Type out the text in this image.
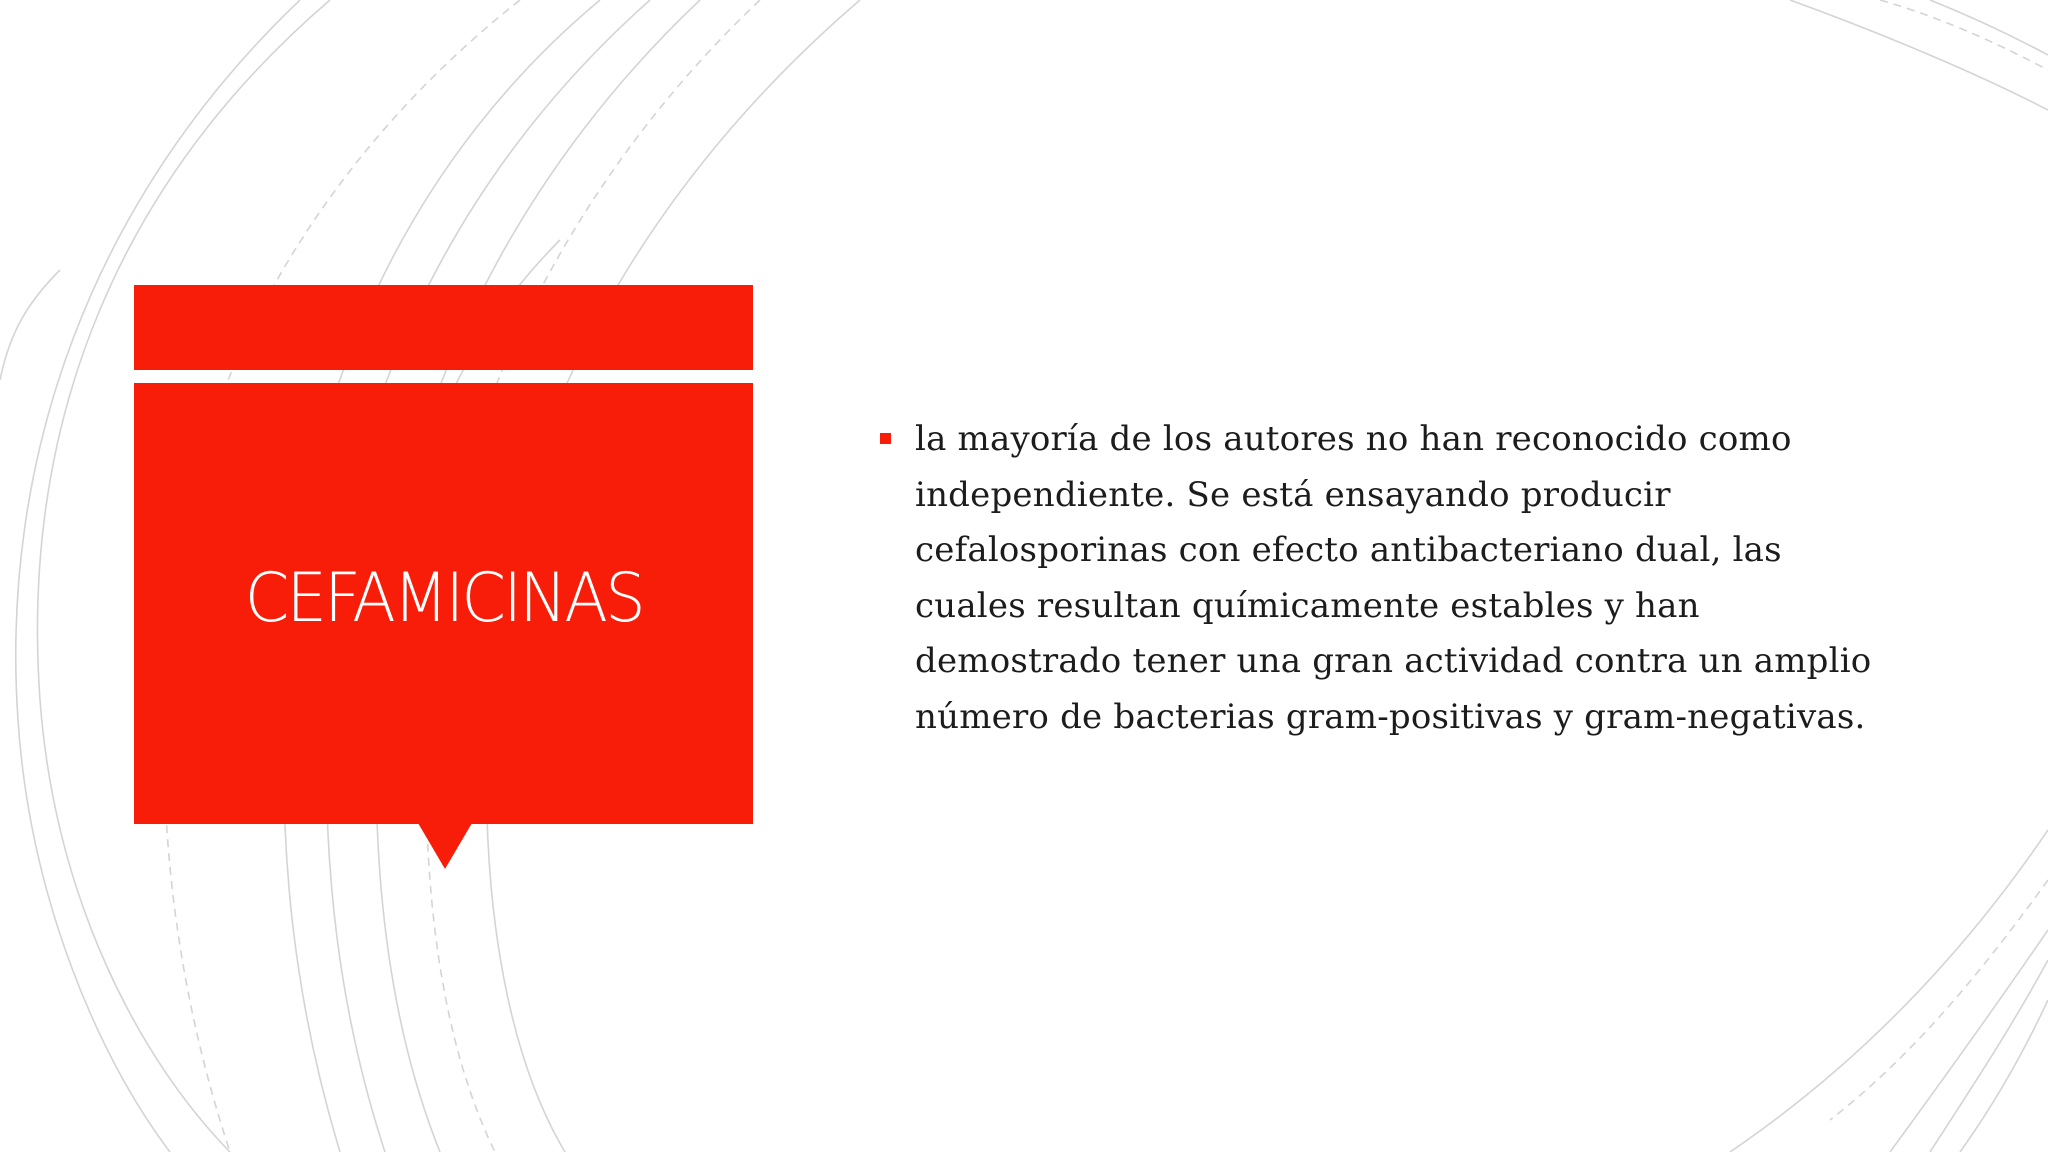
CEFAMICINAS
la mayoría de los autores no han reconocido como
independiente. Se está ensayando producir
cefalosporinas con efecto antibacteriano dual, las
cuales resultan químicamente estables y han
demostrado tener una gran actividad contra un amplio
número de bacterias gram-positivas y gram-negativas.
